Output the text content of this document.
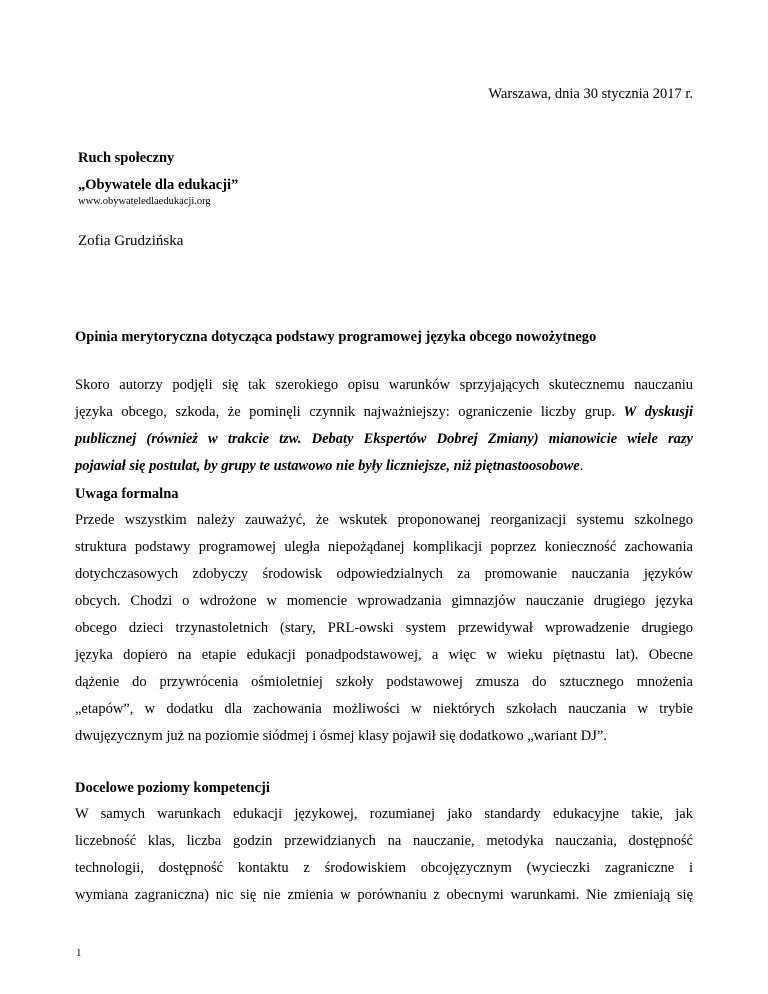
Warszawa, dnia 30 stycznia 2017 r.
Ruch społeczny
„Obywatele dla edukacji”
www.obywateledlaedukacji.org
Zofia Grudzińska
Opinia merytoryczna dotycząca podstawy programowej języka obcego nowożytnego
Skoro autorzy podjęli się tak szerokiego opisu warunków sprzyjających skutecznemu nauczaniu
języka obcego, szkoda, że pominęli czynnik najważniejszy: ograniczenie liczby grup. W dyskusji
publicznej (również w trakcie tzw. Debaty Ekspertów Dobrej Zmiany) mianowicie wiele razy
pojawiał się postulat, by grupy te ustawowo nie były liczniejsze, niż piętnastoosobowe.
Uwaga formalna
Przede wszystkim należy zauważyć, że wskutek proponowanej reorganizacji systemu szkolnego
struktura podstawy programowej uległa niepożądanej komplikacji poprzez konieczność zachowania
dotychczasowych zdobyczy środowisk odpowiedzialnych za promowanie nauczania języków
obcych. Chodzi o wdrożone w momencie wprowadzania gimnazjów nauczanie drugiego języka
obcego dzieci trzynastoletnich (stary, PRL-owski system przewidywał wprowadzenie drugiego
języka dopiero na etapie edukacji ponadpodstawowej, a więc w wieku piętnastu lat). Obecne
dążenie do przywrócenia ośmioletniej szkoły podstawowej zmusza do sztucznego mnożenia
„etapów”, w dodatku dla zachowania możliwości w niektórych szkołach nauczania w trybie
dwujęzycznym już na poziomie siódmej i ósmej klasy pojawił się dodatkowo „wariant DJ”.
Docelowe poziomy kompetencji
W samych warunkach edukacji językowej, rozumianej jako standardy edukacyjne takie, jak
liczebność klas, liczba godzin przewidzianych na nauczanie, metodyka nauczania, dostępność
technologii, dostępność kontaktu z środowiskiem obcojęzycznym (wycieczki zagraniczne i
wymiana zagraniczna) nic się nie zmienia w porównaniu z obecnymi warunkami. Nie zmieniają się
1
